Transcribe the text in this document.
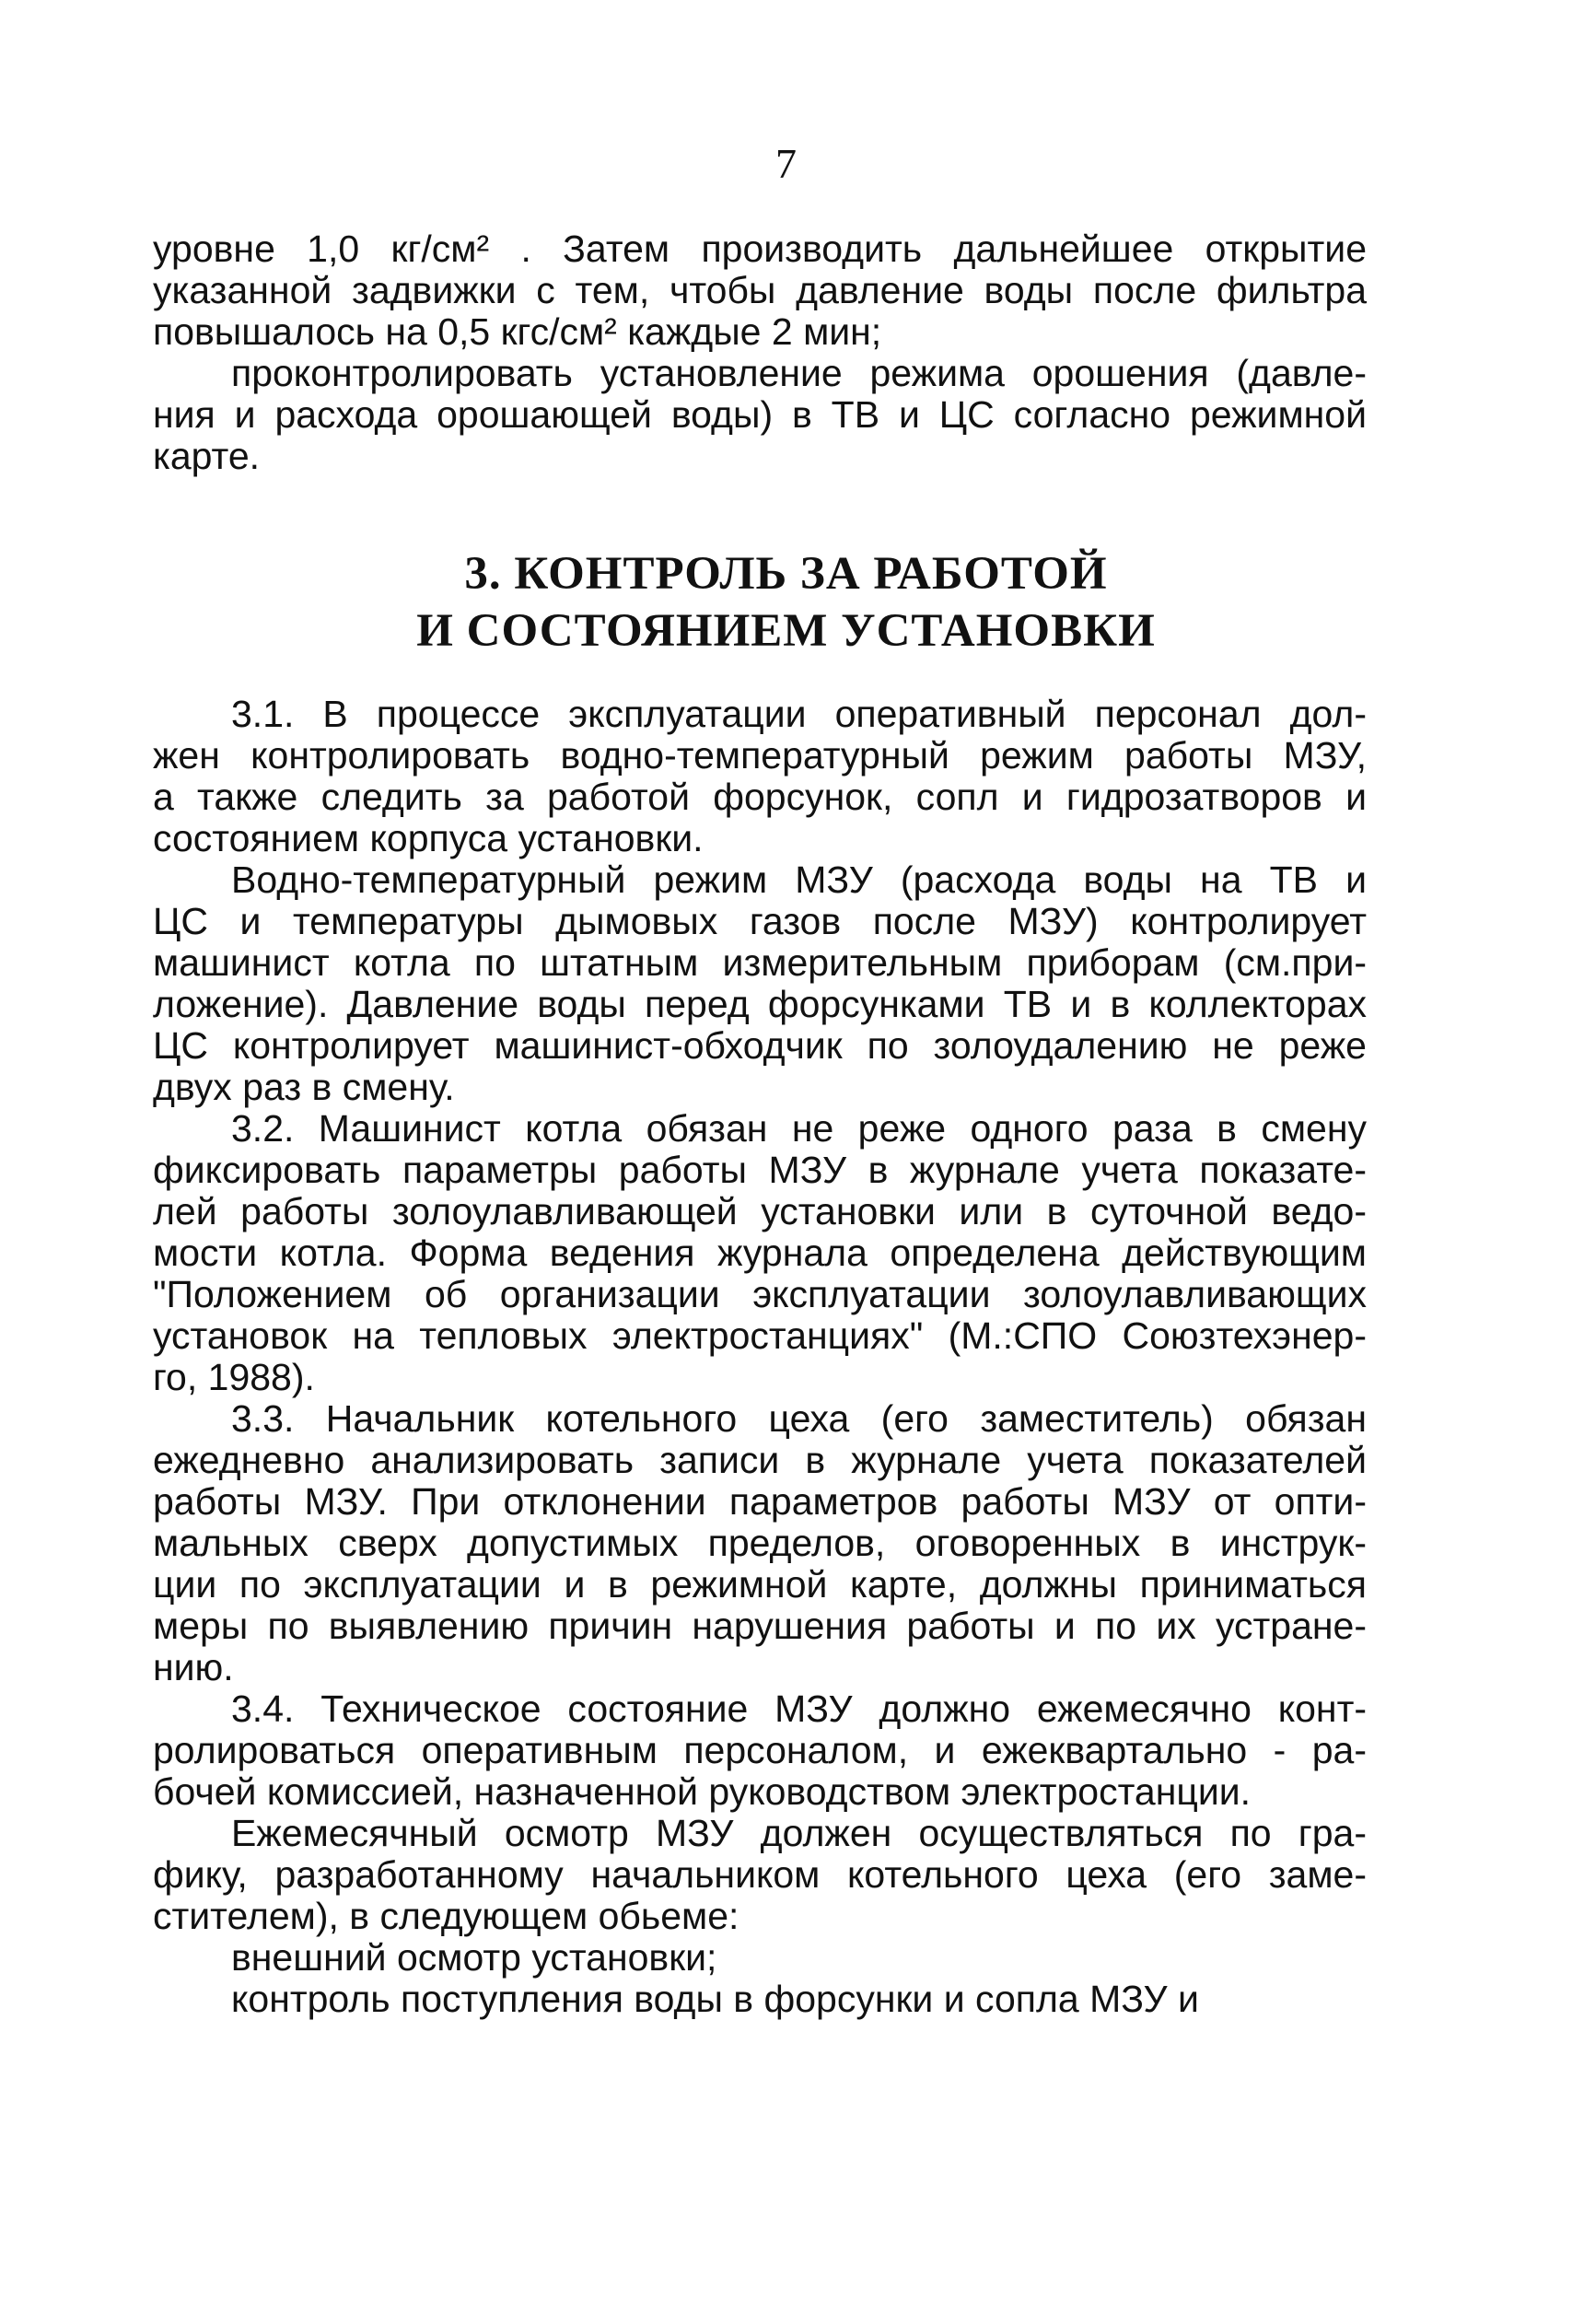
7

уровне 1,0 кг/см² . Затем производить дальнейшее открытие
указанной задвижки с тем, чтобы давление воды после фильтра
повышалось на 0,5 кгс/см² каждые 2 мин;

проконтролировать установление режима орошения (давле-
ния и расхода орошающей воды) в ТВ и ЦС согласно режимной
карте.

3. КОНТРОЛЬ ЗА РАБОТОЙ
И СОСТОЯНИЕМ УСТАНОВКИ

3.1. В процессе эксплуатации оперативный персонал дол-
жен контролировать водно-температурный режим работы МЗУ,
а также следить за работой форсунок, сопл и гидрозатворов и
состоянием корпуса установки.

Водно-температурный режим МЗУ (расхода воды на ТВ и
ЦС и температуры дымовых газов после МЗУ) контролирует
машинист котла по штатным измерительным приборам (см.при-
ложение). Давление воды перед форсунками ТВ и в коллекторах
ЦС контролирует машинист-обходчик по золоудалению не реже
двух раз в смену.

3.2. Машинист котла обязан не реже одного раза в смену
фиксировать параметры работы МЗУ в журнале учета показате-
лей работы золоулавливающей установки или в суточной ведо-
мости котла. Форма ведения журнала определена действующим
"Положением об организации эксплуатации золоулавливающих
установок на тепловых электростанциях" (М.:СПО Союзтехэнер-
го, 1988).

3.3. Начальник котельного цеха (его заместитель) обязан
ежедневно анализировать записи в журнале учета показателей
работы МЗУ. При отклонении параметров работы МЗУ от опти-
мальных сверх допустимых пределов, оговоренных в инструк-
ции по эксплуатации и в режимной карте, должны приниматься
меры по выявлению причин нарушения работы и по их устране-
нию.

3.4. Техническое состояние МЗУ должно ежемесячно конт-
ролироваться оперативным персоналом, и ежеквартально - ра-
бочей комиссией, назначенной руководством электростанции.

Ежемесячный осмотр МЗУ должен осуществляться по гра-
фику, разработанному начальником котельного цеха (его заме-
стителем), в следующем обьеме:

внешний осмотр установки;

контроль поступления воды в форсунки и сопла МЗУ и
